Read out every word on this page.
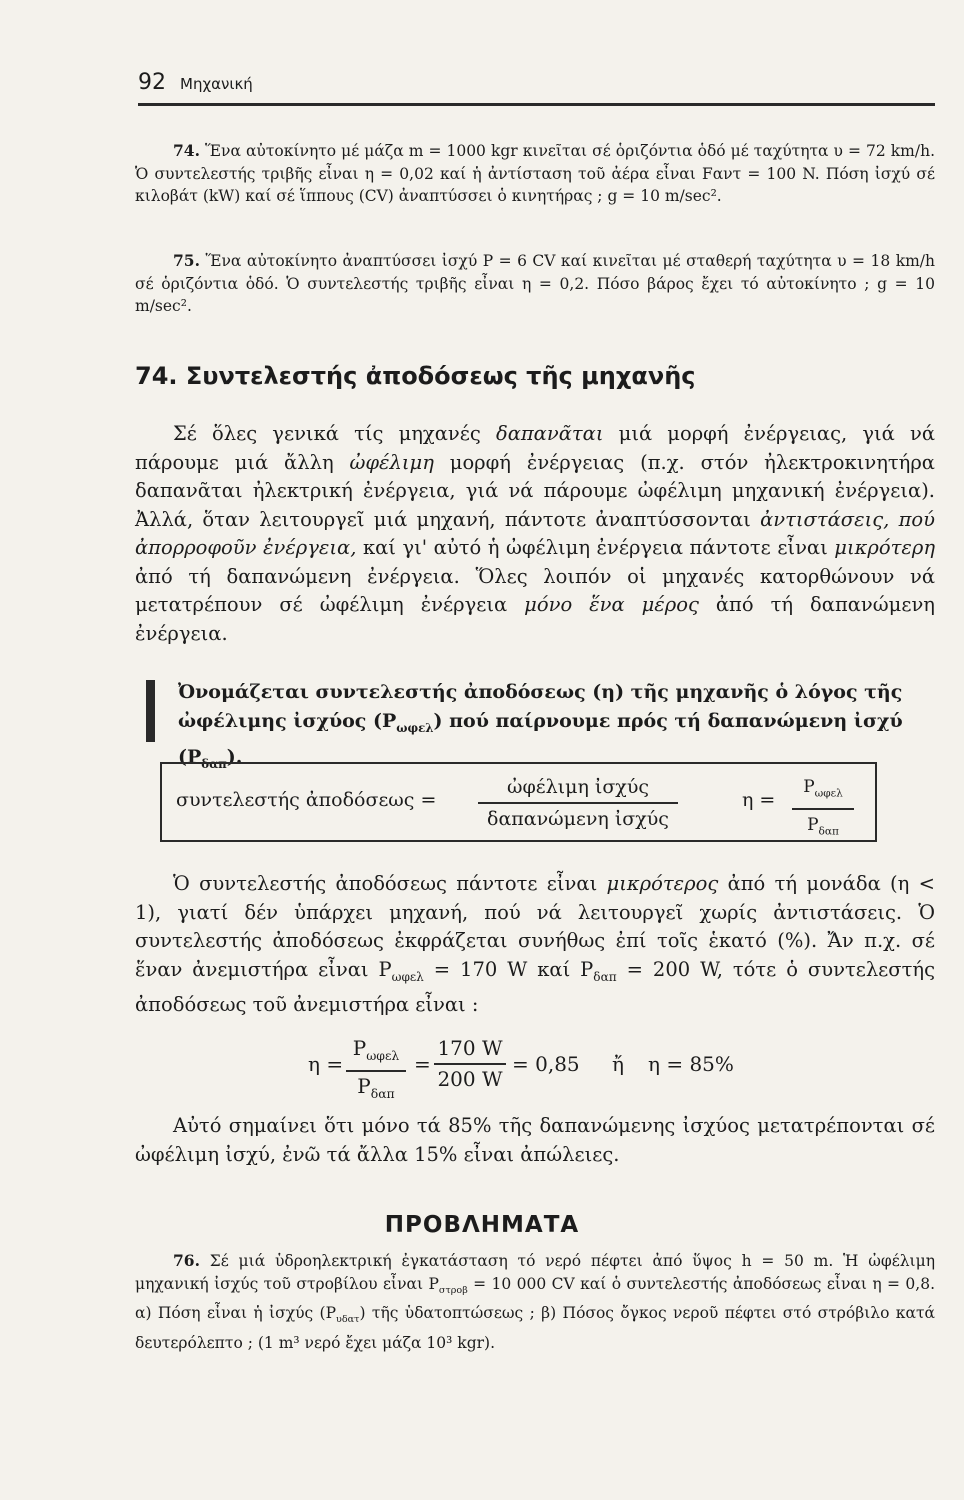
92 Μηχανική

74. Ἕνα αὐτοκίνητο μέ μάζα m = 1000 kgr κινεῖται σέ ὁριζόντια ὁδό μέ ταχύτητα υ = 72 km/h. Ὁ συντελεστής τριβῆς εἶναι η = 0,02 καί ἡ ἀντίσταση τοῦ ἀέρα εἶναι Fαντ = 100 N. Πόση ἰσχύ σέ κιλοβάτ (kW) καί σέ ἵππους (CV) ἀναπτύσσει ὁ κινητήρας ; g = 10 m/sec².

75. Ἕνα αὐτοκίνητο ἀναπτύσσει ἰσχύ P = 6 CV καί κινεῖται μέ σταθερή ταχύτητα υ = 18 km/h σέ ὁριζόντια ὁδό. Ὁ συντελεστής τριβῆς εἶναι η = 0,2. Πόσο βάρος ἔχει τό αὐτοκίνητο ; g = 10 m/sec².

74. Συντελεστής ἀποδόσεως τῆς μηχανῆς

Σέ ὅλες γενικά τίς μηχανές δαπανᾶται μιά μορφή ἐνέργειας, γιά νά πάρουμε μιά ἄλλη ὠφέλιμη μορφή ἐνέργειας (π.χ. στόν ἠλεκτροκινητήρα δαπανᾶται ἠλεκτρική ἐνέργεια, γιά νά πάρουμε ὠφέλιμη μηχανική ἐνέργεια). Ἀλλά, ὅταν λειτουργεῖ μιά μηχανή, πάντοτε ἀναπτύσσονται ἀντιστάσεις, πού ἀπορροφοῦν ἐνέργεια, καί γι' αὐτό ἡ ὠφέλιμη ἐνέργεια πάντοτε εἶναι μικρότερη ἀπό τή δαπανώμενη ἐνέργεια. Ὅλες λοιπόν οἱ μηχανές κατορθώνουν νά μετατρέπουν σέ ὠφέλιμη ἐνέργεια μόνο ἕνα μέρος ἀπό τή δαπανώμενη ἐνέργεια.

Ὀνομάζεται συντελεστής ἀποδόσεως (η) τῆς μηχανῆς ὁ λόγος τῆς ὠφέλιμης ἰσχύος $(P_{\omega\varphi\varepsilon\lambda})$ πού παίρνουμε πρός τή δαπανώμενη ἰσχύ $(P_{\delta\alpha\pi})$.

συντελεστής ἀποδόσεως =
ὠφέλιμη ἰσχύς
δαπανώμενη ἰσχύς
η =
$P_{\omega\varphi\varepsilon\lambda}$
$P_{\delta\alpha\pi}$

Ὁ συντελεστής ἀποδόσεως πάντοτε εἶναι μικρότερος ἀπό τή μονάδα (η < 1), γιατί δέν ὑπάρχει μηχανή, πού νά λειτουργεῖ χωρίς ἀντιστάσεις. Ὁ συντελεστής ἀποδόσεως ἐκφράζεται συνήθως ἐπί τοῖς ἑκατό (%). Ἄν π.χ. σέ ἕναν ἀνεμιστήρα εἶναι $P_{\omega\varphi\varepsilon\lambda} = 170$ W καί $P_{\delta\alpha\pi} = 200$ W, τότε ὁ συντελεστής ἀποδόσεως τοῦ ἀνεμιστήρα εἶναι :

η =
$P_{\omega\varphi\varepsilon\lambda}$
$P_{\delta\alpha\pi}$
=
170 W
200 W
= 0,85 ἤ η = 85%

Αὐτό σημαίνει ὅτι μόνο τά 85% τῆς δαπανώμενης ἰσχύος μετατρέπονται σέ ὠφέλιμη ἰσχύ, ἐνῶ τά ἄλλα 15% εἶναι ἀπώλειες.

ΠΡΟΒΛΗΜΑΤΑ

76. Σέ μιά ὑδροηλεκτρική ἐγκατάσταση τό νερό πέφτει ἀπό ὕψος h = 50 m. Ἡ ὠφέλιμη μηχανική ἰσχύς τοῦ στροβίλου εἶναι $P_{\sigma\tau\rho o\beta} = 10$ 000 CV καί ὁ συντελεστής ἀποδόσεως εἶναι η = 0,8. α) Πόση εἶναι ἡ ἰσχύς $(P_{\upsilon\delta\alpha\tau})$ τῆς ὑδατοπτώσεως ; β) Πόσος ὄγκος νεροῦ πέφτει στό στρόβιλο κατά δευτερόλεπτο ; (1 m³ νερό ἔχει μάζα 10³ kgr).
